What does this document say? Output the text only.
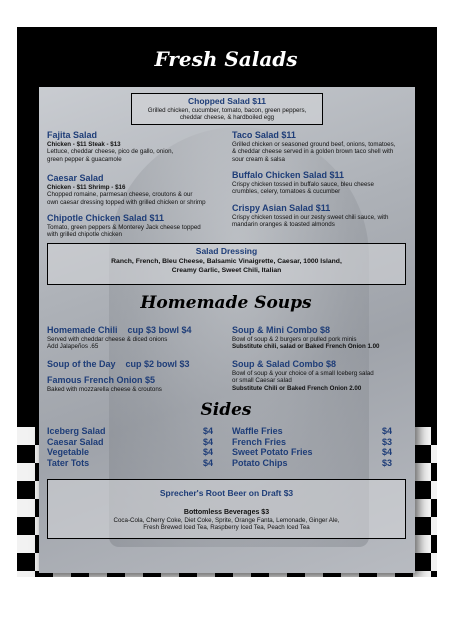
Fresh Salads
Chopped Salad $11
Grilled chicken, cucumber, tomato, bacon, green peppers,
cheddar cheese, & hardboiled egg
Fajita Salad
Chicken - $11 Steak - $13
Lettuce, cheddar cheese, pico de gallo, onion,
green pepper & guacamole
Caesar Salad
Chicken - $11 Shrimp - $16
Chopped romaine, parmesan cheese, croutons & our
own caesar dressing topped with grilled chicken or shrimp
Chipotle Chicken Salad $11
Tomato, green peppers & Monterey Jack cheese topped
with grilled chipotle chicken
Taco Salad $11
Grilled chicken or seasoned ground beef, onions, tomatoes,
& cheddar cheese served in a golden brown taco shell with
sour cream & salsa
Buffalo Chicken Salad $11
Crispy chicken tossed in buffalo sauce, bleu cheese
crumbles, celery, tomatoes & cucumber
Crispy Asian Salad $11
Crispy chicken tossed in our zesty sweet chili sauce, with
mandarin oranges & toasted almonds
Salad Dressing
Ranch, French, Bleu Cheese, Balsamic Vinaigrette, Caesar, 1000 Island,
Creamy Garlic, Sweet Chili, Italian
Homemade Soups
Homemade Chili    cup $3 bowl $4
Served with cheddar cheese & diced onions
Add Jalapeños .65
Soup of the Day    cup $2 bowl $3
Famous French Onion $5
Baked with mozzarella cheese & croutons
Soup & Mini Combo $8
Bowl of soup & 2 burgers or pulled pork minis
Substitute chili, salad or Baked French Onion 1.00
Soup & Salad Combo $8
Bowl of soup & your choice of a small Iceberg salad
or small Caesar salad
Substitute Chili or Baked French Onion 2.00
Sides
Iceberg Salad	$4
Caesar Salad	$4
Vegetable	$4
Tater Tots	$4
Waffle Fries	$4
French Fries	$3
Sweet Potato Fries	$4
Potato Chips	$3
Sprecher's Root Beer on Draft $3
Bottomless Beverages $3
Coca-Cola, Cherry Coke, Diet Coke, Sprite, Orange Fanta, Lemonade, Ginger Ale,
Fresh Brewed Iced Tea, Raspberry Iced Tea, Peach Iced Tea
